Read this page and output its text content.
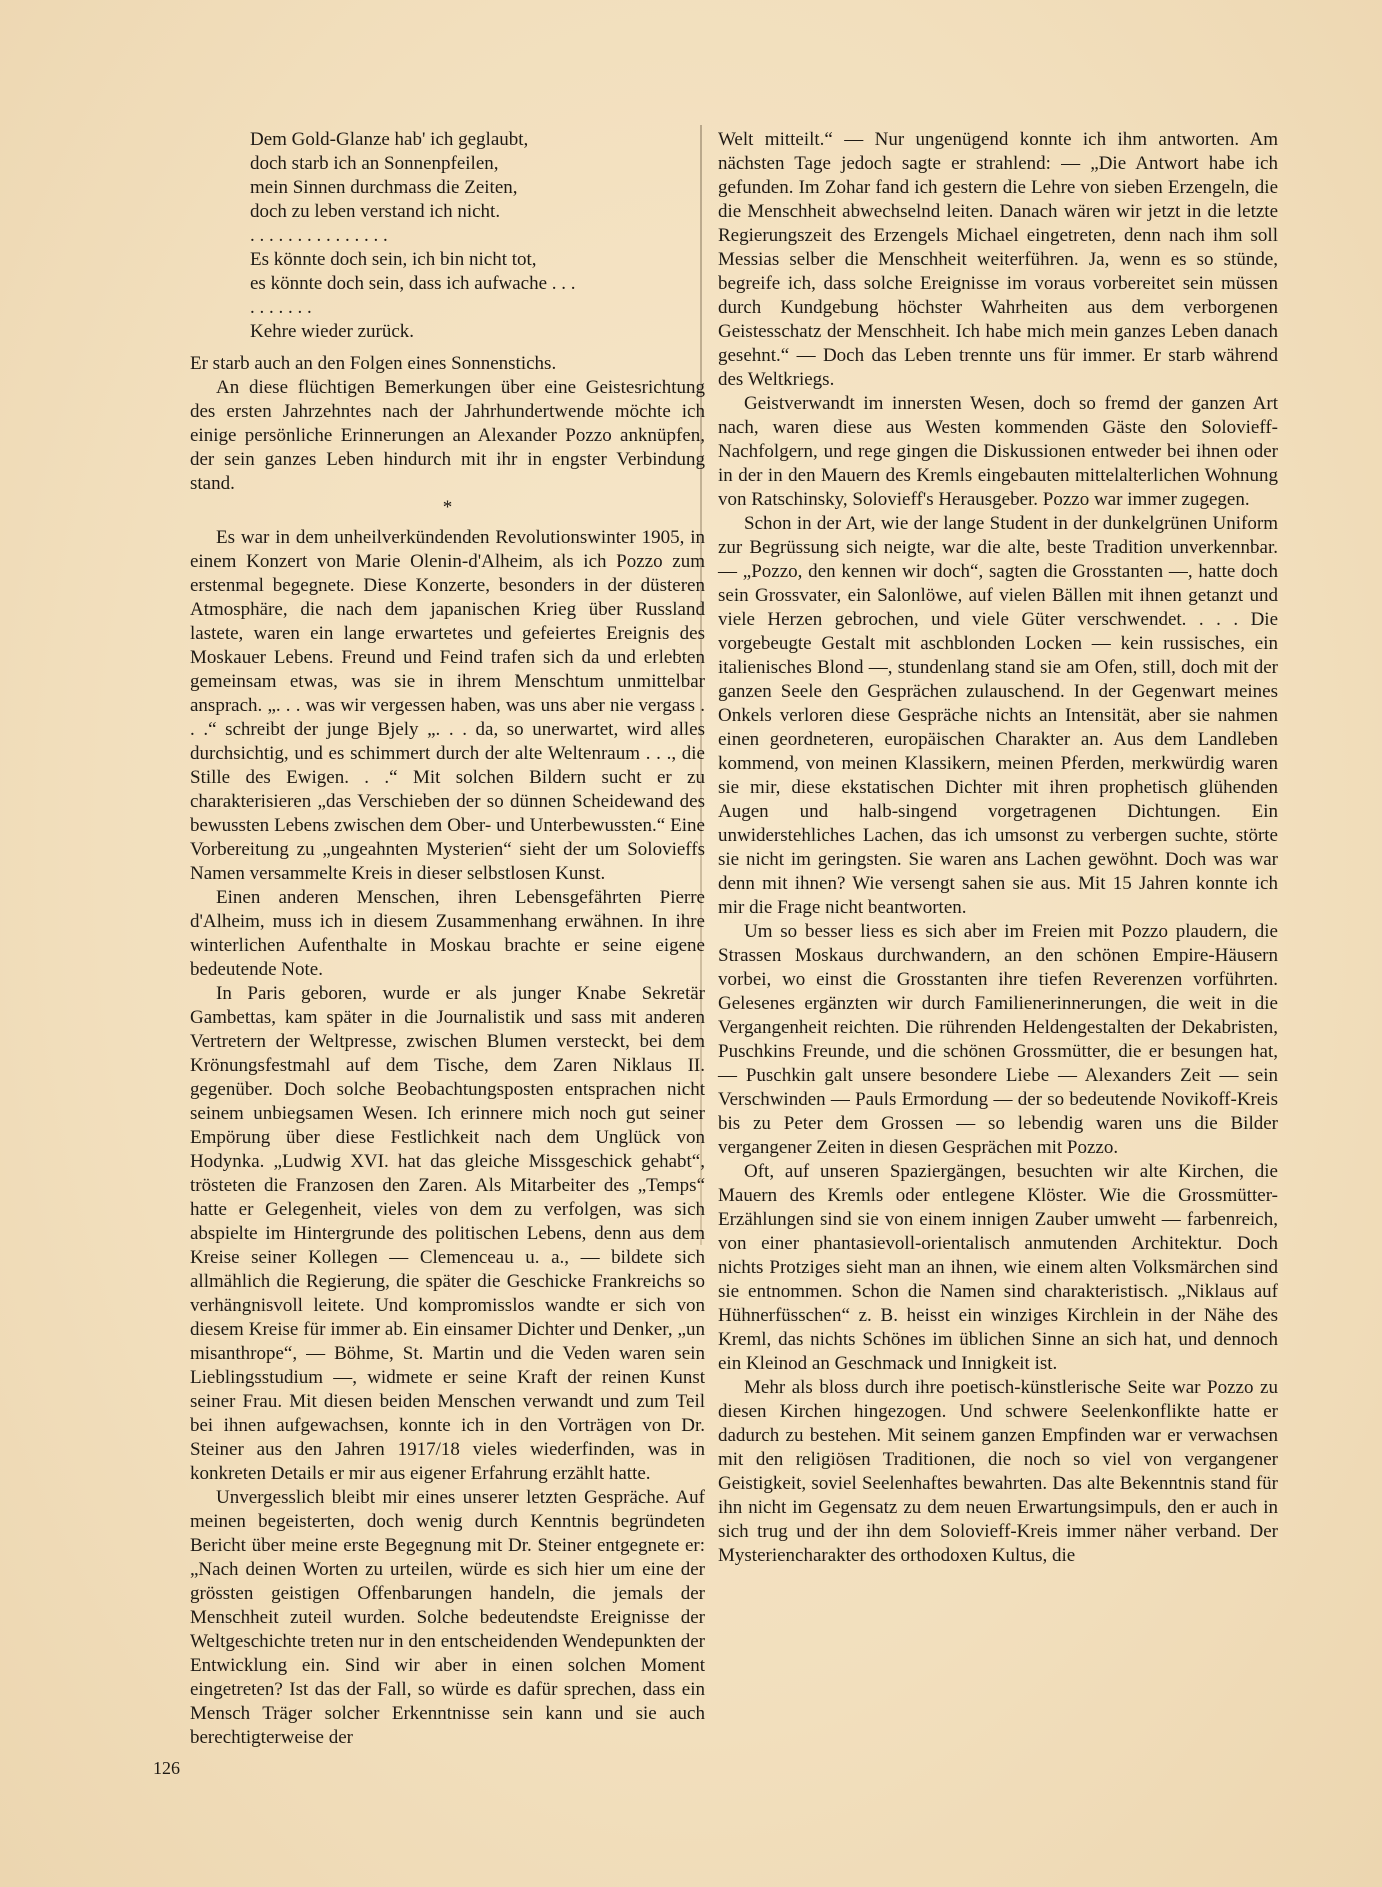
Dem Gold-Glanze hab' ich geglaubt,
doch starb ich an Sonnenpfeilen,
mein Sinnen durchmass die Zeiten,
doch zu leben verstand ich nicht.
. . . . . . . . . . . . . . .
Es könnte doch sein, ich bin nicht tot,
es könnte doch sein, dass ich aufwache . . .
. . . . . . .
Kehre wieder zurück.

Er starb auch an den Folgen eines Sonnenstichs.

An diese flüchtigen Bemerkungen über eine Geistesrichtung des ersten Jahrzehntes nach der Jahrhundertwende möchte ich einige persönliche Erinnerungen an Alexander Pozzo anknüpfen, der sein ganzes Leben hindurch mit ihr in engster Verbindung stand.

*

Es war in dem unheilverkündenden Revolutionswinter 1905, in einem Konzert von Marie Olenin-d'Alheim, als ich Pozzo zum erstenmal begegnete. Diese Konzerte, besonders in der düsteren Atmosphäre, die nach dem japanischen Krieg über Russland lastete, waren ein lange erwartetes und gefeiertes Ereignis des Moskauer Lebens. Freund und Feind trafen sich da und erlebten gemeinsam etwas, was sie in ihrem Menschtum unmittelbar ansprach. „. . . was wir vergessen haben, was uns aber nie vergass . . .“ schreibt der junge Bjely „. . . da, so unerwartet, wird alles durchsichtig, und es schimmert durch der alte Weltenraum . . ., die Stille des Ewigen. . .“ Mit solchen Bildern sucht er zu charakterisieren „das Verschieben der so dünnen Scheidewand des bewussten Lebens zwischen dem Ober- und Unterbewussten.“ Eine Vorbereitung zu „ungeahnten Mysterien“ sieht der um Solovieffs Namen versammelte Kreis in dieser selbstlosen Kunst.

Einen anderen Menschen, ihren Lebensgefährten Pierre d'Alheim, muss ich in diesem Zusammenhang erwähnen. In ihre winterlichen Aufenthalte in Moskau brachte er seine eigene bedeutende Note.

In Paris geboren, wurde er als junger Knabe Sekretär Gambettas, kam später in die Journalistik und sass mit anderen Vertretern der Weltpresse, zwischen Blumen versteckt, bei dem Krönungsfestmahl auf dem Tische, dem Zaren Niklaus II. gegenüber. Doch solche Beobachtungsposten entsprachen nicht seinem unbiegsamen Wesen. Ich erinnere mich noch gut seiner Empörung über diese Festlichkeit nach dem Unglück von Hodynka. „Ludwig XVI. hat das gleiche Missgeschick gehabt“, trösteten die Franzosen den Zaren. Als Mitarbeiter des „Temps“ hatte er Gelegenheit, vieles von dem zu verfolgen, was sich abspielte im Hintergrunde des politischen Lebens, denn aus dem Kreise seiner Kollegen — Clemenceau u. a., — bildete sich allmählich die Regierung, die später die Geschicke Frankreichs so verhängnisvoll leitete. Und kompromisslos wandte er sich von diesem Kreise für immer ab. Ein einsamer Dichter und Denker, „un misanthrope“, — Böhme, St. Martin und die Veden waren sein Lieblingsstudium —, widmete er seine Kraft der reinen Kunst seiner Frau. Mit diesen beiden Menschen verwandt und zum Teil bei ihnen aufgewachsen, konnte ich in den Vorträgen von Dr. Steiner aus den Jahren 1917/18 vieles wiederfinden, was in konkreten Details er mir aus eigener Erfahrung erzählt hatte.

Unvergesslich bleibt mir eines unserer letzten Gespräche. Auf meinen begeisterten, doch wenig durch Kenntnis begründeten Bericht über meine erste Begegnung mit Dr. Steiner entgegnete er: „Nach deinen Worten zu urteilen, würde es sich hier um eine der grössten geistigen Offenbarungen handeln, die jemals der Menschheit zuteil wurden. Solche bedeutendste Ereignisse der Weltgeschichte treten nur in den entscheidenden Wendepunkten der Entwicklung ein. Sind wir aber in einen solchen Moment eingetreten? Ist das der Fall, so würde es dafür sprechen, dass ein Mensch Träger solcher Erkenntnisse sein kann und sie auch berechtigterweise der

Welt mitteilt.“ — Nur ungenügend konnte ich ihm antworten. Am nächsten Tage jedoch sagte er strahlend: — „Die Antwort habe ich gefunden. Im Zohar fand ich gestern die Lehre von sieben Erzengeln, die die Menschheit abwechselnd leiten. Danach wären wir jetzt in die letzte Regierungszeit des Erzengels Michael eingetreten, denn nach ihm soll Messias selber die Menschheit weiterführen. Ja, wenn es so stünde, begreife ich, dass solche Ereignisse im voraus vorbereitet sein müssen durch Kundgebung höchster Wahrheiten aus dem verborgenen Geistesschatz der Menschheit. Ich habe mich mein ganzes Leben danach gesehnt.“ — Doch das Leben trennte uns für immer. Er starb während des Weltkriegs.

Geistverwandt im innersten Wesen, doch so fremd der ganzen Art nach, waren diese aus Westen kommenden Gäste den Solovieff-Nachfolgern, und rege gingen die Diskussionen entweder bei ihnen oder in der in den Mauern des Kremls eingebauten mittelalterlichen Wohnung von Ratschinsky, Solovieff's Herausgeber. Pozzo war immer zugegen.

Schon in der Art, wie der lange Student in der dunkelgrünen Uniform zur Begrüssung sich neigte, war die alte, beste Tradition unverkennbar. — „Pozzo, den kennen wir doch“, sagten die Grosstanten —, hatte doch sein Grossvater, ein Salonlöwe, auf vielen Bällen mit ihnen getanzt und viele Herzen gebrochen, und viele Güter verschwendet. . . . Die vorgebeugte Gestalt mit aschblonden Locken — kein russisches, ein italienisches Blond —, stundenlang stand sie am Ofen, still, doch mit der ganzen Seele den Gesprächen zulauschend. In der Gegenwart meines Onkels verloren diese Gespräche nichts an Intensität, aber sie nahmen einen geordneteren, europäischen Charakter an. Aus dem Landleben kommend, von meinen Klassikern, meinen Pferden, merkwürdig waren sie mir, diese ekstatischen Dichter mit ihren prophetisch glühenden Augen und halb-singend vorgetragenen Dichtungen. Ein unwiderstehliches Lachen, das ich umsonst zu verbergen suchte, störte sie nicht im geringsten. Sie waren ans Lachen gewöhnt. Doch was war denn mit ihnen? Wie versengt sahen sie aus. Mit 15 Jahren konnte ich mir die Frage nicht beantworten.

Um so besser liess es sich aber im Freien mit Pozzo plaudern, die Strassen Moskaus durchwandern, an den schönen Empire-Häusern vorbei, wo einst die Grosstanten ihre tiefen Reverenzen vorführten. Gelesenes ergänzten wir durch Familienerinnerungen, die weit in die Vergangenheit reichten. Die rührenden Heldengestalten der Dekabristen, Puschkins Freunde, und die schönen Grossmütter, die er besungen hat, — Puschkin galt unsere besondere Liebe — Alexanders Zeit — sein Verschwinden — Pauls Ermordung — der so bedeutende Novikoff-Kreis bis zu Peter dem Grossen — so lebendig waren uns die Bilder vergangener Zeiten in diesen Gesprächen mit Pozzo.

Oft, auf unseren Spaziergängen, besuchten wir alte Kirchen, die Mauern des Kremls oder entlegene Klöster. Wie die Grossmütter-Erzählungen sind sie von einem innigen Zauber umweht — farbenreich, von einer phantasievoll-orientalisch anmutenden Architektur. Doch nichts Protziges sieht man an ihnen, wie einem alten Volksmärchen sind sie entnommen. Schon die Namen sind charakteristisch. „Niklaus auf Hühnerfüsschen“ z. B. heisst ein winziges Kirchlein in der Nähe des Kreml, das nichts Schönes im üblichen Sinne an sich hat, und dennoch ein Kleinod an Geschmack und Innigkeit ist.

Mehr als bloss durch ihre poetisch-künstlerische Seite war Pozzo zu diesen Kirchen hingezogen. Und schwere Seelenkonflikte hatte er dadurch zu bestehen. Mit seinem ganzen Empfinden war er verwachsen mit den religiösen Traditionen, die noch so viel von vergangener Geistigkeit, soviel Seelenhaftes bewahrten. Das alte Bekenntnis stand für ihn nicht im Gegensatz zu dem neuen Erwartungsimpuls, den er auch in sich trug und der ihn dem Solovieff-Kreis immer näher verband. Der Mysteriencharakter des orthodoxen Kultus, die

126
